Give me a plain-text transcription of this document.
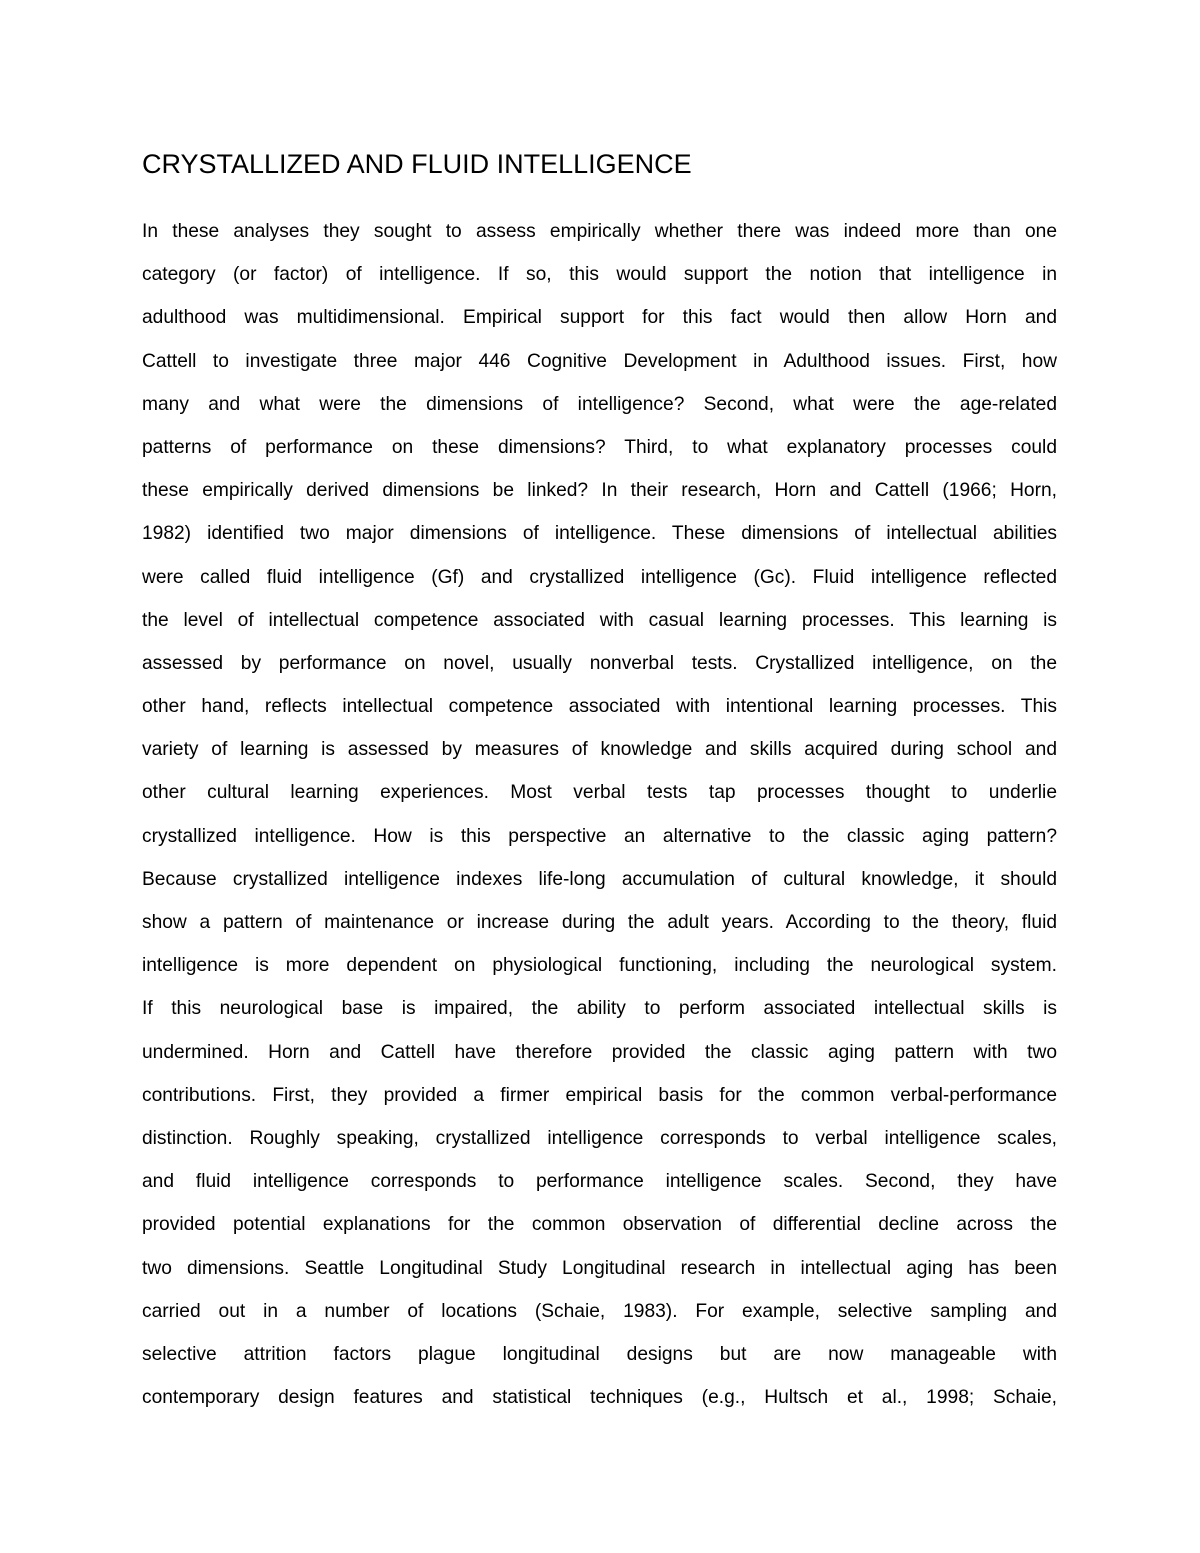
CRYSTALLIZED AND FLUID INTELLIGENCE
In these analyses they sought to assess empirically whether there was indeed more than one
category (or factor) of intelligence. If so, this would support the notion that intelligence in
adulthood was multidimensional. Empirical support for this fact would then allow Horn and
Cattell to investigate three major 446 Cognitive Development in Adulthood issues. First, how
many and what were the dimensions of intelligence? Second, what were the age-related
patterns of performance on these dimensions? Third, to what explanatory processes could
these empirically derived dimensions be linked? In their research, Horn and Cattell (1966; Horn,
1982) identified two major dimensions of intelligence. These dimensions of intellectual abilities
were called fluid intelligence (Gf) and crystallized intelligence (Gc). Fluid intelligence reflected
the level of intellectual competence associated with casual learning processes. This learning is
assessed by performance on novel, usually nonverbal tests. Crystallized intelligence, on the
other hand, reflects intellectual competence associated with intentional learning processes. This
variety of learning is assessed by measures of knowledge and skills acquired during school and
other cultural learning experiences. Most verbal tests tap processes thought to underlie
crystallized intelligence. How is this perspective an alternative to the classic aging pattern?
Because crystallized intelligence indexes life-long accumulation of cultural knowledge, it should
show a pattern of maintenance or increase during the adult years. According to the theory, fluid
intelligence is more dependent on physiological functioning, including the neurological system.
If this neurological base is impaired, the ability to perform associated intellectual skills is
undermined. Horn and Cattell have therefore provided the classic aging pattern with two
contributions. First, they provided a firmer empirical basis for the common verbal-performance
distinction. Roughly speaking, crystallized intelligence corresponds to verbal intelligence scales,
and fluid intelligence corresponds to performance intelligence scales. Second, they have
provided potential explanations for the common observation of differential decline across the
two dimensions. Seattle Longitudinal Study Longitudinal research in intellectual aging has been
carried out in a number of locations (Schaie, 1983). For example, selective sampling and
selective attrition factors plague longitudinal designs but are now manageable with
contemporary design features and statistical techniques (e.g., Hultsch et al., 1998; Schaie,
